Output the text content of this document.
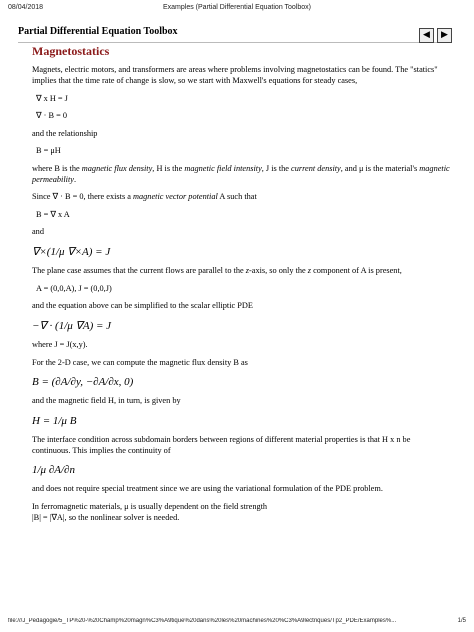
08/04/2018	Examples (Partial Differential Equation Toolbox)
Partial Differential Equation Toolbox	◀ ▶
Magnetostatics

Magnets, electric motors, and transformers are areas where problems involving magnetostatics can be found. The "statics" implies that the time rate of change is slow, so we start with Maxwell's equations for steady cases,

∇ x H = J
∇ · B = 0

and the relationship

B = μH

where B is the magnetic flux density, H is the magnetic field intensity, J is the current density, and μ is the material's magnetic permeability.

Since ∇ · B = 0, there exists a magnetic vector potential A such that

B = ∇ x A

and

∇×(1/μ ∇×A) = J

The plane case assumes that the current flows are parallel to the z-axis, so only the z component of A is present,

A = (0,0,A), J = (0,0,J)

and the equation above can be simplified to the scalar elliptic PDE

−∇ · (1/μ ∇A) = J

where J = J(x,y).

For the 2-D case, we can compute the magnetic flux density B as

B = (∂A/∂y, −∂A/∂x, 0)

and the magnetic field H, in turn, is given by

H = 1/μ B

The interface condition across subdomain borders between regions of different material properties is that H x n be continuous. This implies the continuity of

1/μ ∂A/∂n

and does not require special treatment since we are using the variational formulation of the PDE problem.

In ferromagnetic materials, μ is usually dependent on the field strength

|B| = |∇A|, so the nonlinear solver is needed.

file:///J_Pedagogie/5_TP%20-%20Champ%20magn%C3%A9tique%20dans%20les%20machines%20%C3%A9lectriques/Tp2_PDE/Examples%...	1/5
